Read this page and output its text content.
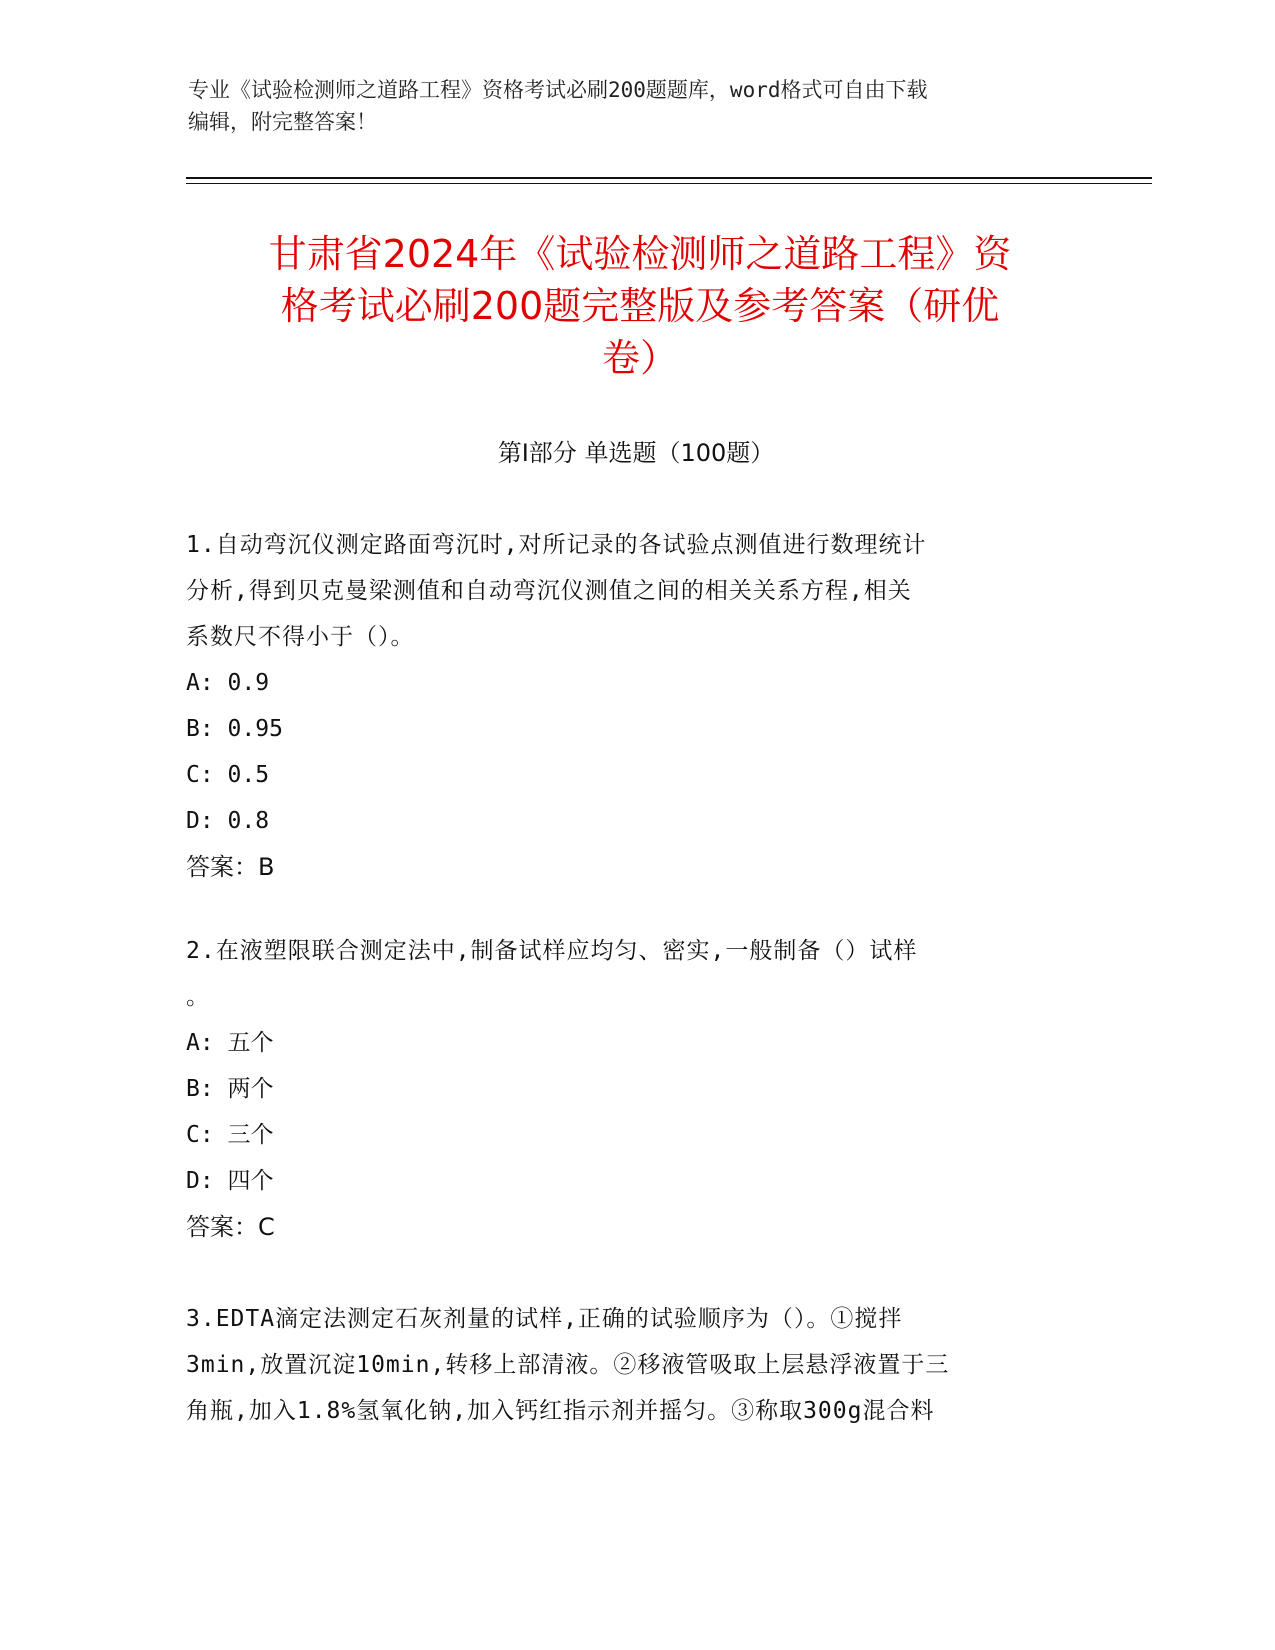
专业《试验检测师之道路工程》资格考试必刷200题题库，word格式可自由下载
编辑，附完整答案！
甘肃省2024年《试验检测师之道路工程》资
格考试必刷200题完整版及参考答案（研优
卷）
第Ⅰ部分 单选题（100题）
1.自动弯沉仪测定路面弯沉时,对所记录的各试验点测值进行数理统计
分析,得到贝克曼梁测值和自动弯沉仪测值之间的相关关系方程,相关
系数尺不得小于（）。
A: 0.9
B: 0.95
C: 0.5
D: 0.8
答案：B
2.在液塑限联合测定法中,制备试样应均匀、密实,一般制备（）试样
。
A: 五个
B: 两个
C: 三个
D: 四个
答案：C
3.EDTA滴定法测定石灰剂量的试样,正确的试验顺序为（）。①搅拌
3min,放置沉淀10min,转移上部清液。②移液管吸取上层悬浮液置于三
角瓶,加入1.8%氢氧化钠,加入钙红指示剂并摇匀。③称取300g混合料
